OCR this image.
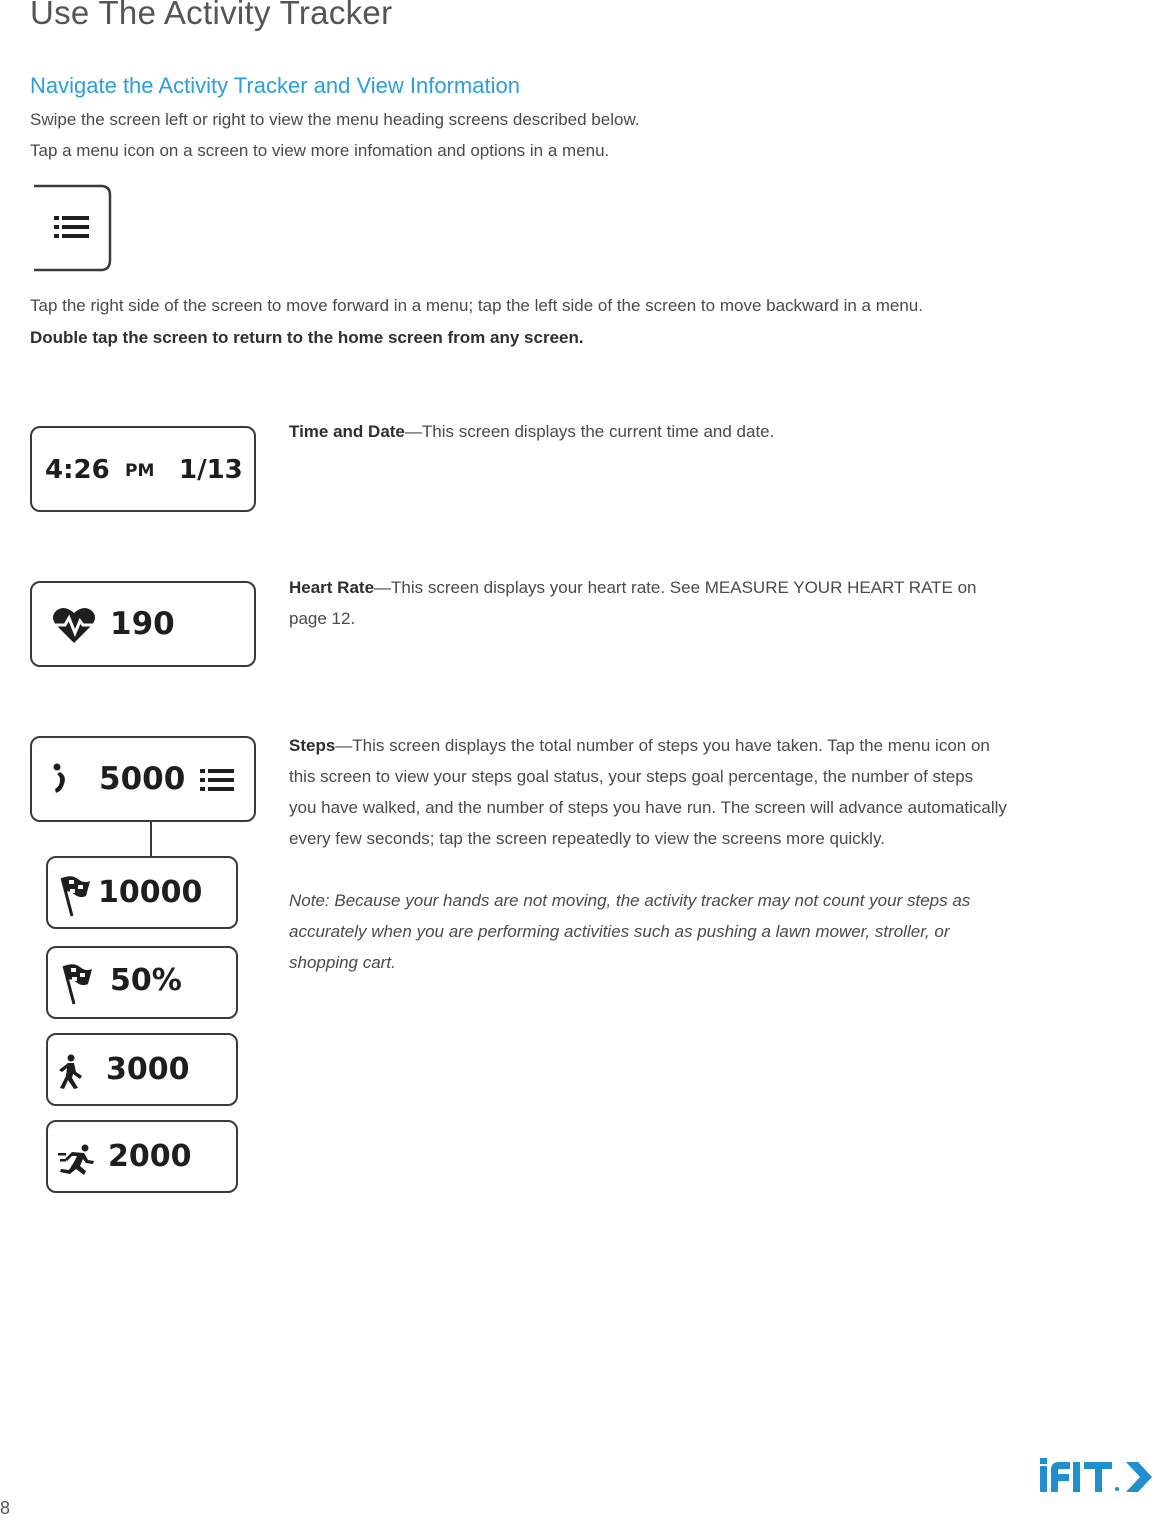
Use The Activity Tracker
Navigate the Activity Tracker and View Information
Swipe the screen left or right to view the menu heading screens described below.
Tap a menu icon on a screen to view more infomation and options in a menu.
Tap the right side of the screen to move forward in a menu; tap the left side of the screen to move backward in a menu.
Double tap the screen to return to the home screen from any screen.
4:26 PM 1/13
Time and Date—This screen displays the current time and date.
190
Heart Rate—This screen displays your heart rate. See MEASURE YOUR HEART RATE on
page 12.
5000
10000
50%
3000
2000
Steps—This screen displays the total number of steps you have taken. Tap the menu icon on
this screen to view your steps goal status, your steps goal percentage, the number of steps
you have walked, and the number of steps you have run. The screen will advance automatically
every few seconds; tap the screen repeatedly to view the screens more quickly.
Note: Because your hands are not moving, the activity tracker may not count your steps as
accurately when you are performing activities such as pushing a lawn mower, stroller, or
shopping cart.
8
